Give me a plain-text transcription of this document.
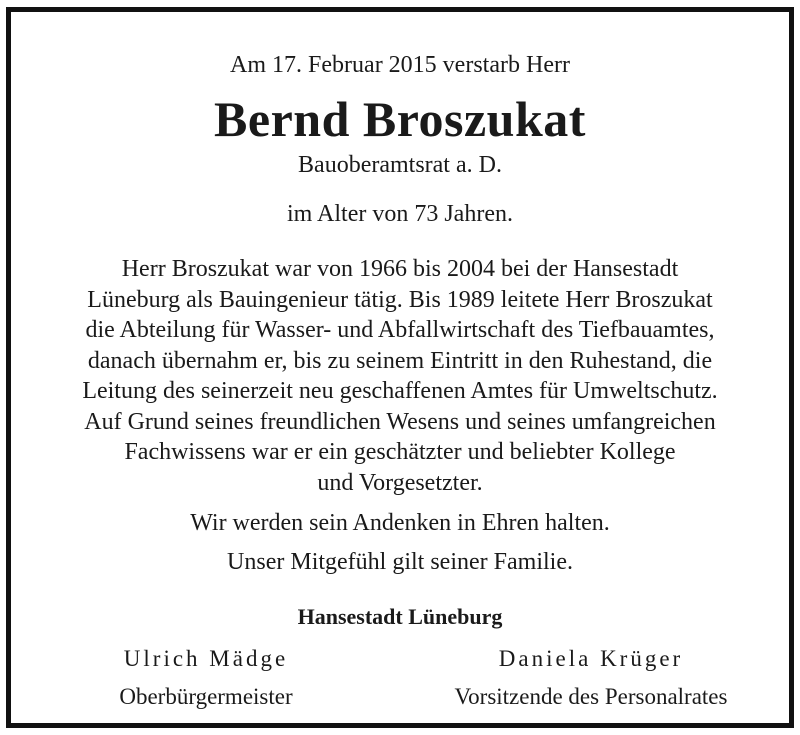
Am 17. Februar 2015 verstarb Herr

Bernd Broszukat

Bauoberamtsrat a. D.

im Alter von 73 Jahren.

Herr Broszukat war von 1966 bis 2004 bei der Hansestadt
Lüneburg als Bauingenieur tätig. Bis 1989 leitete Herr Broszukat
die Abteilung für Wasser- und Abfallwirtschaft des Tiefbauamtes,
danach übernahm er, bis zu seinem Eintritt in den Ruhestand, die
Leitung des seinerzeit neu geschaffenen Amtes für Umweltschutz.
Auf Grund seines freundlichen Wesens und seines umfangreichen
Fachwissens war er ein geschätzter und beliebter Kollege
und Vorgesetzter.

Wir werden sein Andenken in Ehren halten.

Unser Mitgefühl gilt seiner Familie.

Hansestadt Lüneburg

Ulrich Mädge
Oberbürgermeister
Daniela Krüger
Vorsitzende des Personalrates
